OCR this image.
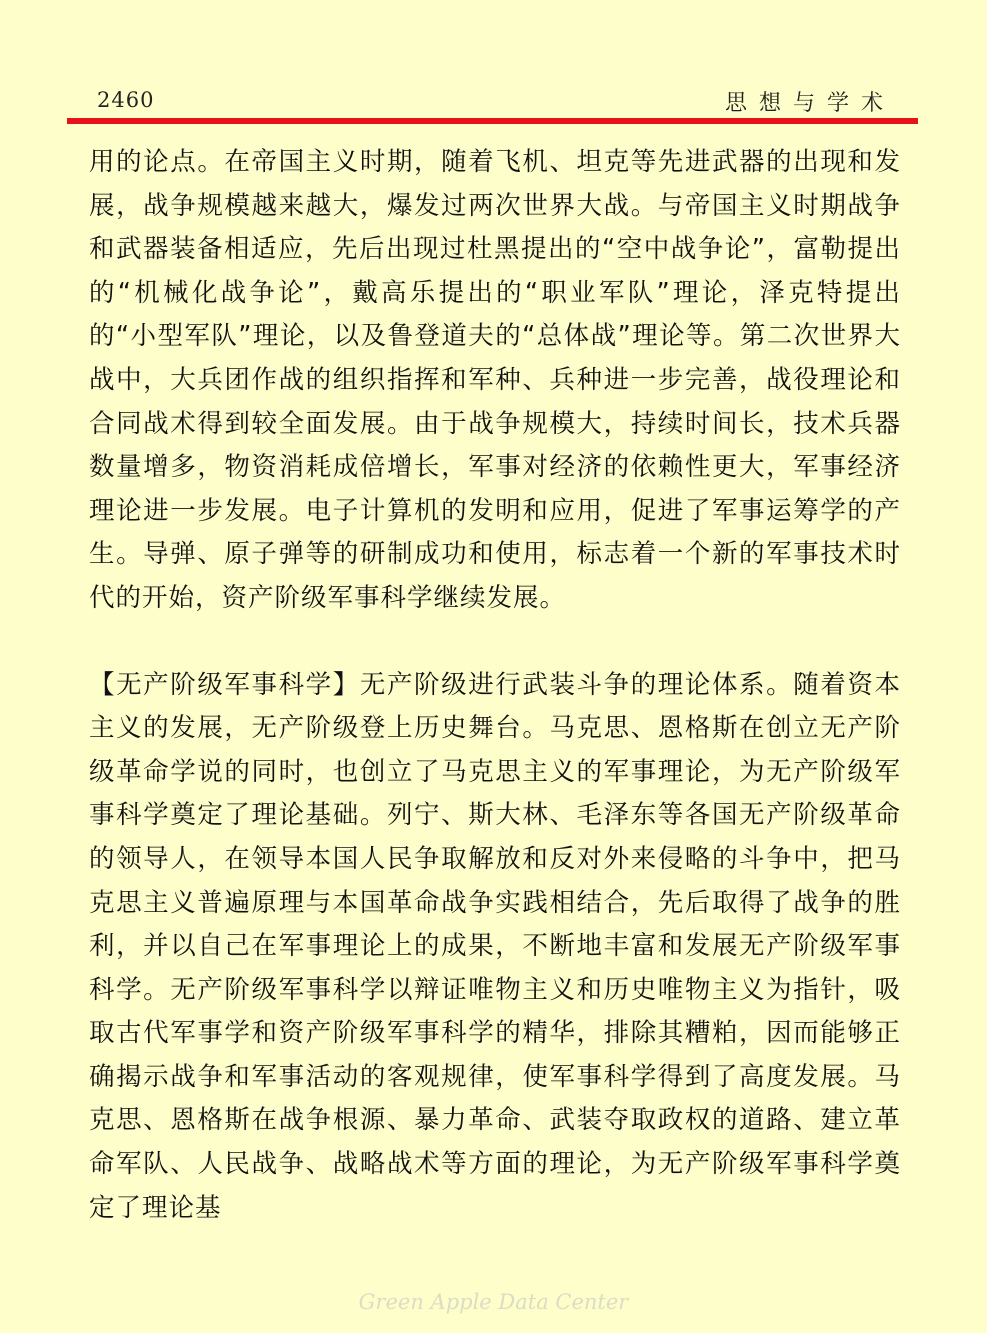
2460	思想与学术

用的论点。在帝国主义时期，随着飞机、坦克等先进武器的出现和发展，战争规模越来越大，爆发过两次世界大战。与帝国主义时期战争和武器装备相适应，先后出现过杜黑提出的“空中战争论”，富勒提出的“机械化战争论”，戴高乐提出的“职业军队”理论，泽克特提出的“小型军队”理论，以及鲁登道夫的“总体战”理论等。第二次世界大战中，大兵团作战的组织指挥和军种、兵种进一步完善，战役理论和合同战术得到较全面发展。由于战争规模大，持续时间长，技术兵器数量增多，物资消耗成倍增长，军事对经济的依赖性更大，军事经济理论进一步发展。电子计算机的发明和应用，促进了军事运筹学的产生。导弹、原子弹等的研制成功和使用，标志着一个新的军事技术时代的开始，资产阶级军事科学继续发展。

【无产阶级军事科学】无产阶级进行武装斗争的理论体系。随着资本主义的发展，无产阶级登上历史舞台。马克思、恩格斯在创立无产阶级革命学说的同时，也创立了马克思主义的军事理论，为无产阶级军事科学奠定了理论基础。列宁、斯大林、毛泽东等各国无产阶级革命的领导人，在领导本国人民争取解放和反对外来侵略的斗争中，把马克思主义普遍原理与本国革命战争实践相结合，先后取得了战争的胜利，并以自己在军事理论上的成果，不断地丰富和发展无产阶级军事科学。无产阶级军事科学以辩证唯物主义和历史唯物主义为指针，吸取古代军事学和资产阶级军事科学的精华，排除其糟粕，因而能够正确揭示战争和军事活动的客观规律，使军事科学得到了高度发展。马克思、恩格斯在战争根源、暴力革命、武装夺取政权的道路、建立革命军队、人民战争、战略战术等方面的理论，为无产阶级军事科学奠定了理论基

Green Apple Data Center
